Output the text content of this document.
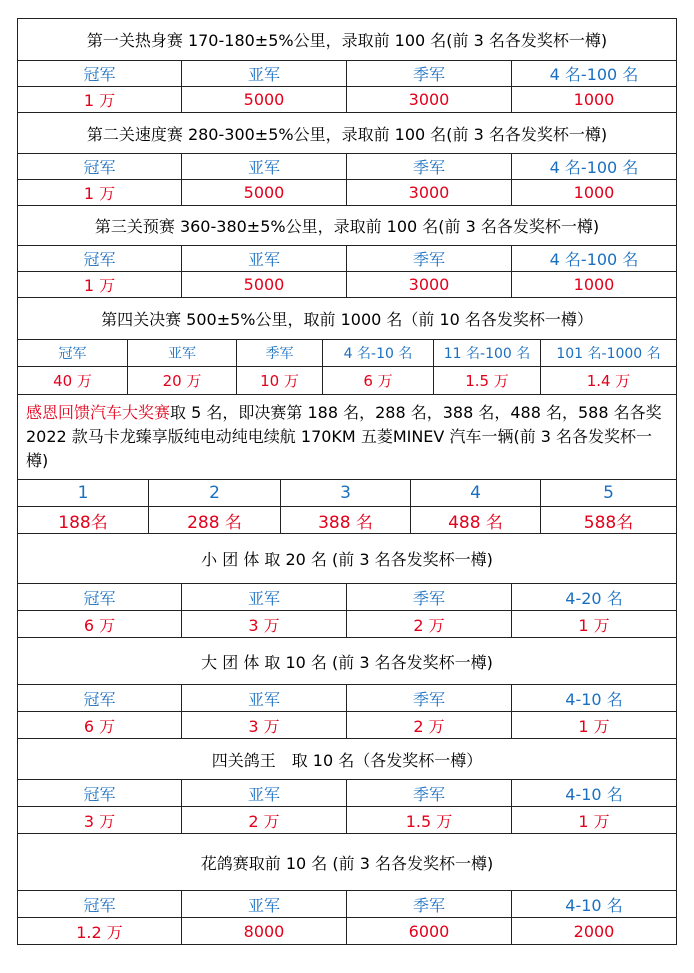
第一关热身赛 170-180±5%公里，录取前 100 名(前 3 名各发奖杯一樽)
冠军	亚军	季军	4 名-100 名
1 万	5000	3000	1000
第二关速度赛 280-300±5%公里，录取前 100 名(前 3 名各发奖杯一樽)
冠军	亚军	季军	4 名-100 名
1 万	5000	3000	1000
第三关预赛 360-380±5%公里，录取前 100 名(前 3 名各发奖杯一樽)
冠军	亚军	季军	4 名-100 名
1 万	5000	3000	1000
第四关决赛 500±5%公里，取前 1000 名（前 10 名各发奖杯一樽）
冠军	亚军	季军	4 名-10 名	11 名-100 名	101 名-1000 名
40 万	20 万	10 万	6 万	1.5 万	1.4 万
感恩回馈汽车大奖赛取 5 名，即决赛第 188 名，288 名，388 名，488 名，588 名各奖 2022 款马卡龙臻享版纯电动纯电续航 170KM 五菱MINEV 汽车一辆(前 3 名各发奖杯一樽)
1	2	3	4	5
188名	288 名	388 名	488 名	588名
小 团 体 取 20 名 (前 3 名各发奖杯一樽)
冠军	亚军	季军	4-20 名
6 万	3 万	2 万	1 万
大 团 体 取 10 名 (前 3 名各发奖杯一樽)
冠军	亚军	季军	4-10 名
6 万	3 万	2 万	1 万
四关鸽王　取 10 名（各发奖杯一樽）
冠军	亚军	季军	4-10 名
3 万	2 万	1.5 万	1 万
花鸽赛取前 10 名 (前 3 名各发奖杯一樽)
冠军	亚军	季军	4-10 名
1.2 万	8000	6000	2000
